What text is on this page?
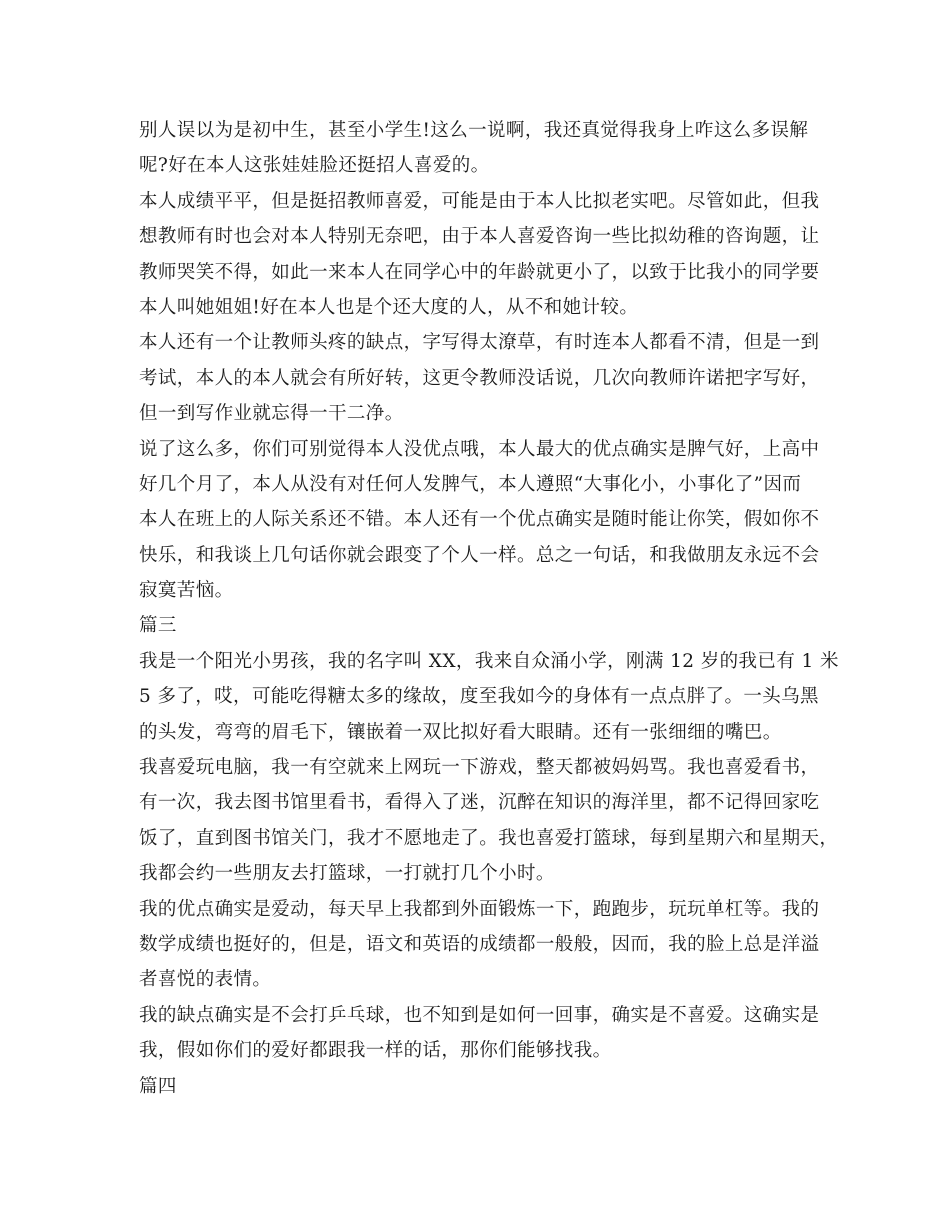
别人误以为是初中生，甚至小学生!这么一说啊，我还真觉得我身上咋这么多误解
呢?好在本人这张娃娃脸还挺招人喜爱的。
本人成绩平平，但是挺招教师喜爱，可能是由于本人比拟老实吧。尽管如此，但我
想教师有时也会对本人特别无奈吧，由于本人喜爱咨询一些比拟幼稚的咨询题，让
教师哭笑不得，如此一来本人在同学心中的年龄就更小了，以致于比我小的同学要
本人叫她姐姐!好在本人也是个还大度的人，从不和她计较。
本人还有一个让教师头疼的缺点，字写得太潦草，有时连本人都看不清，但是一到
考试，本人的本人就会有所好转，这更令教师没话说，几次向教师许诺把字写好，
但一到写作业就忘得一干二净。
说了这么多，你们可别觉得本人没优点哦，本人最大的优点确实是脾气好，上高中
好几个月了，本人从没有对任何人发脾气，本人遵照“大事化小，小事化了”因而
本人在班上的人际关系还不错。本人还有一个优点确实是随时能让你笑，假如你不
快乐，和我谈上几句话你就会跟变了个人一样。总之一句话，和我做朋友永远不会
寂寞苦恼。
篇三
我是一个阳光小男孩，我的名字叫 XX，我来自众涌小学，刚满 12 岁的我已有 1 米
5 多了，哎，可能吃得糖太多的缘故，度至我如今的身体有一点点胖了。一头乌黑
的头发，弯弯的眉毛下，镶嵌着一双比拟好看大眼睛。还有一张细细的嘴巴。
我喜爱玩电脑，我一有空就来上网玩一下游戏，整天都被妈妈骂。我也喜爱看书，
有一次，我去图书馆里看书，看得入了迷，沉醉在知识的海洋里，都不记得回家吃
饭了，直到图书馆关门，我才不愿地走了。我也喜爱打篮球，每到星期六和星期天，
我都会约一些朋友去打篮球，一打就打几个小时。
我的优点确实是爱动，每天早上我都到外面锻炼一下，跑跑步，玩玩单杠等。我的
数学成绩也挺好的，但是，语文和英语的成绩都一般般，因而，我的脸上总是洋溢
者喜悦的表情。
我的缺点确实是不会打乒乓球，也不知到是如何一回事，确实是不喜爱。这确实是
我，假如你们的爱好都跟我一样的话，那你们能够找我。
篇四
